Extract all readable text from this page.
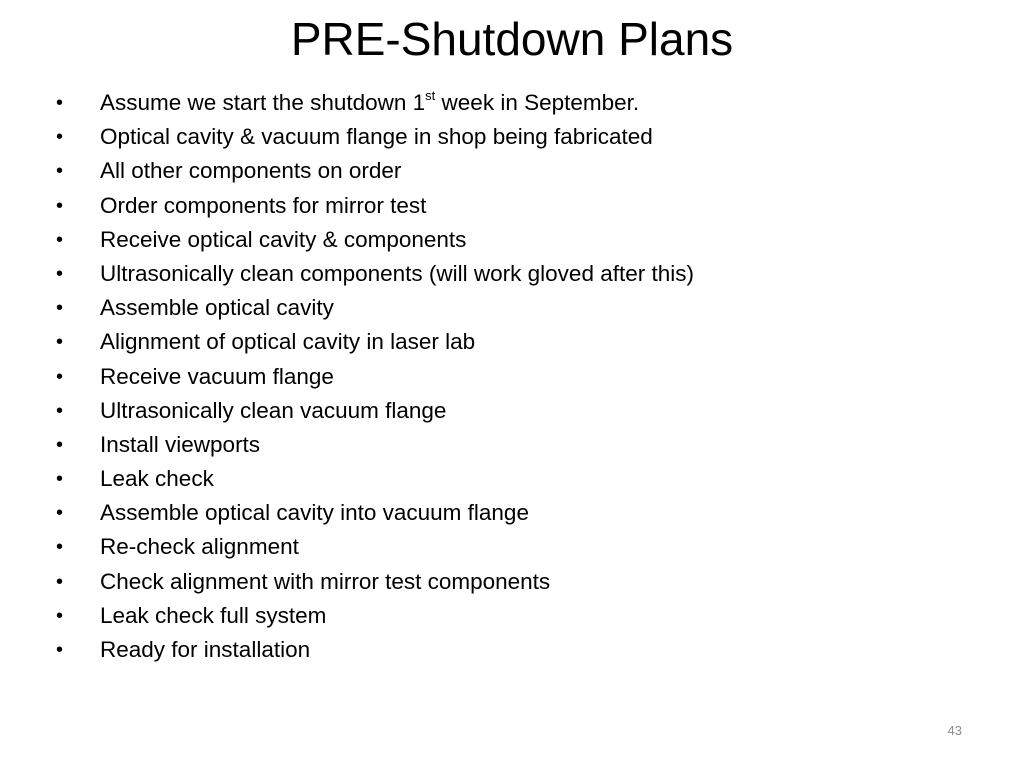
PRE-Shutdown Plans
•	Assume we start the shutdown 1st week in September.
•	Optical cavity & vacuum flange in shop being fabricated
•	All other components on order
•	Order components for mirror test
•	Receive optical cavity & components
•	Ultrasonically clean components (will work gloved after this)
•	Assemble optical cavity
•	Alignment of optical cavity in laser lab
•	Receive vacuum flange
•	Ultrasonically clean vacuum flange
•	Install viewports
•	Leak check
•	Assemble optical cavity into vacuum flange
•	Re-check alignment
•	Check alignment with mirror test components
•	Leak check full system
•	Ready for installation
43
